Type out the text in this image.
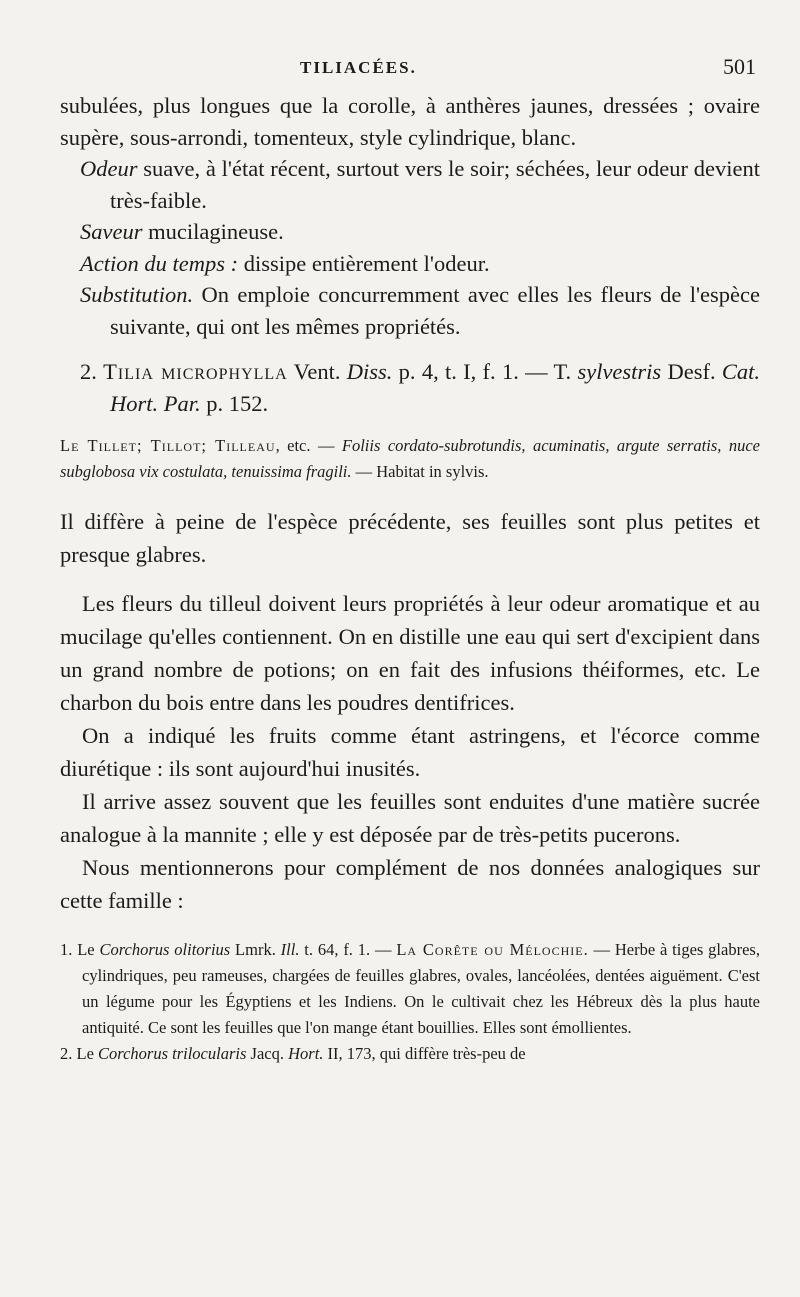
TILIACÉES.	501

subulées, plus longues que la corolle, à anthères jaunes, dressées ; ovaire supère, sous-arrondi, tomenteux, style cylindrique, blanc.

Odeur suave, à l'état récent, surtout vers le soir; séchées, leur odeur devient très-faible.

Saveur mucilagineuse.

Action du temps : dissipe entièrement l'odeur.

Substitution. On emploie concurremment avec elles les fleurs de l'espèce suivante, qui ont les mêmes propriétés.

2. Tilia microphylla Vent. Diss. p. 4, t. I, f. 1. — T. sylvestris Desf. Cat. Hort. Par. p. 152.

Le Tillet; Tillot; Tilleau, etc. — Foliis cordato-subrotundis, acuminatis, argute serratis, nuce subglobosa vix costulata, tenuissima fragili. — Habitat in sylvis.

Il diffère à peine de l'espèce précédente, ses feuilles sont plus petites et presque glabres.

Les fleurs du tilleul doivent leurs propriétés à leur odeur aromatique et au mucilage qu'elles contiennent. On en distille une eau qui sert d'excipient dans un grand nombre de potions; on en fait des infusions théiformes, etc. Le charbon du bois entre dans les poudres dentifrices.

On a indiqué les fruits comme étant astringens, et l'écorce comme diurétique : ils sont aujourd'hui inusités.

Il arrive assez souvent que les feuilles sont enduites d'une matière sucrée analogue à la mannite ; elle y est déposée par de très-petits pucerons.

Nous mentionnerons pour complément de nos données analogiques sur cette famille :

1. Le Corchorus olitorius Lmrk. Ill. t. 64, f. 1. — La Corête ou Mélochie. — Herbe à tiges glabres, cylindriques, peu rameuses, chargées de feuilles glabres, ovales, lancéolées, dentées aiguëment. C'est un légume pour les Égyptiens et les Indiens. On le cultivait chez les Hébreux dès la plus haute antiquité. Ce sont les feuilles que l'on mange étant bouillies. Elles sont émollientes.

2. Le Corchorus trilocularis Jacq. Hort. II, 173, qui diffère très-peu de
